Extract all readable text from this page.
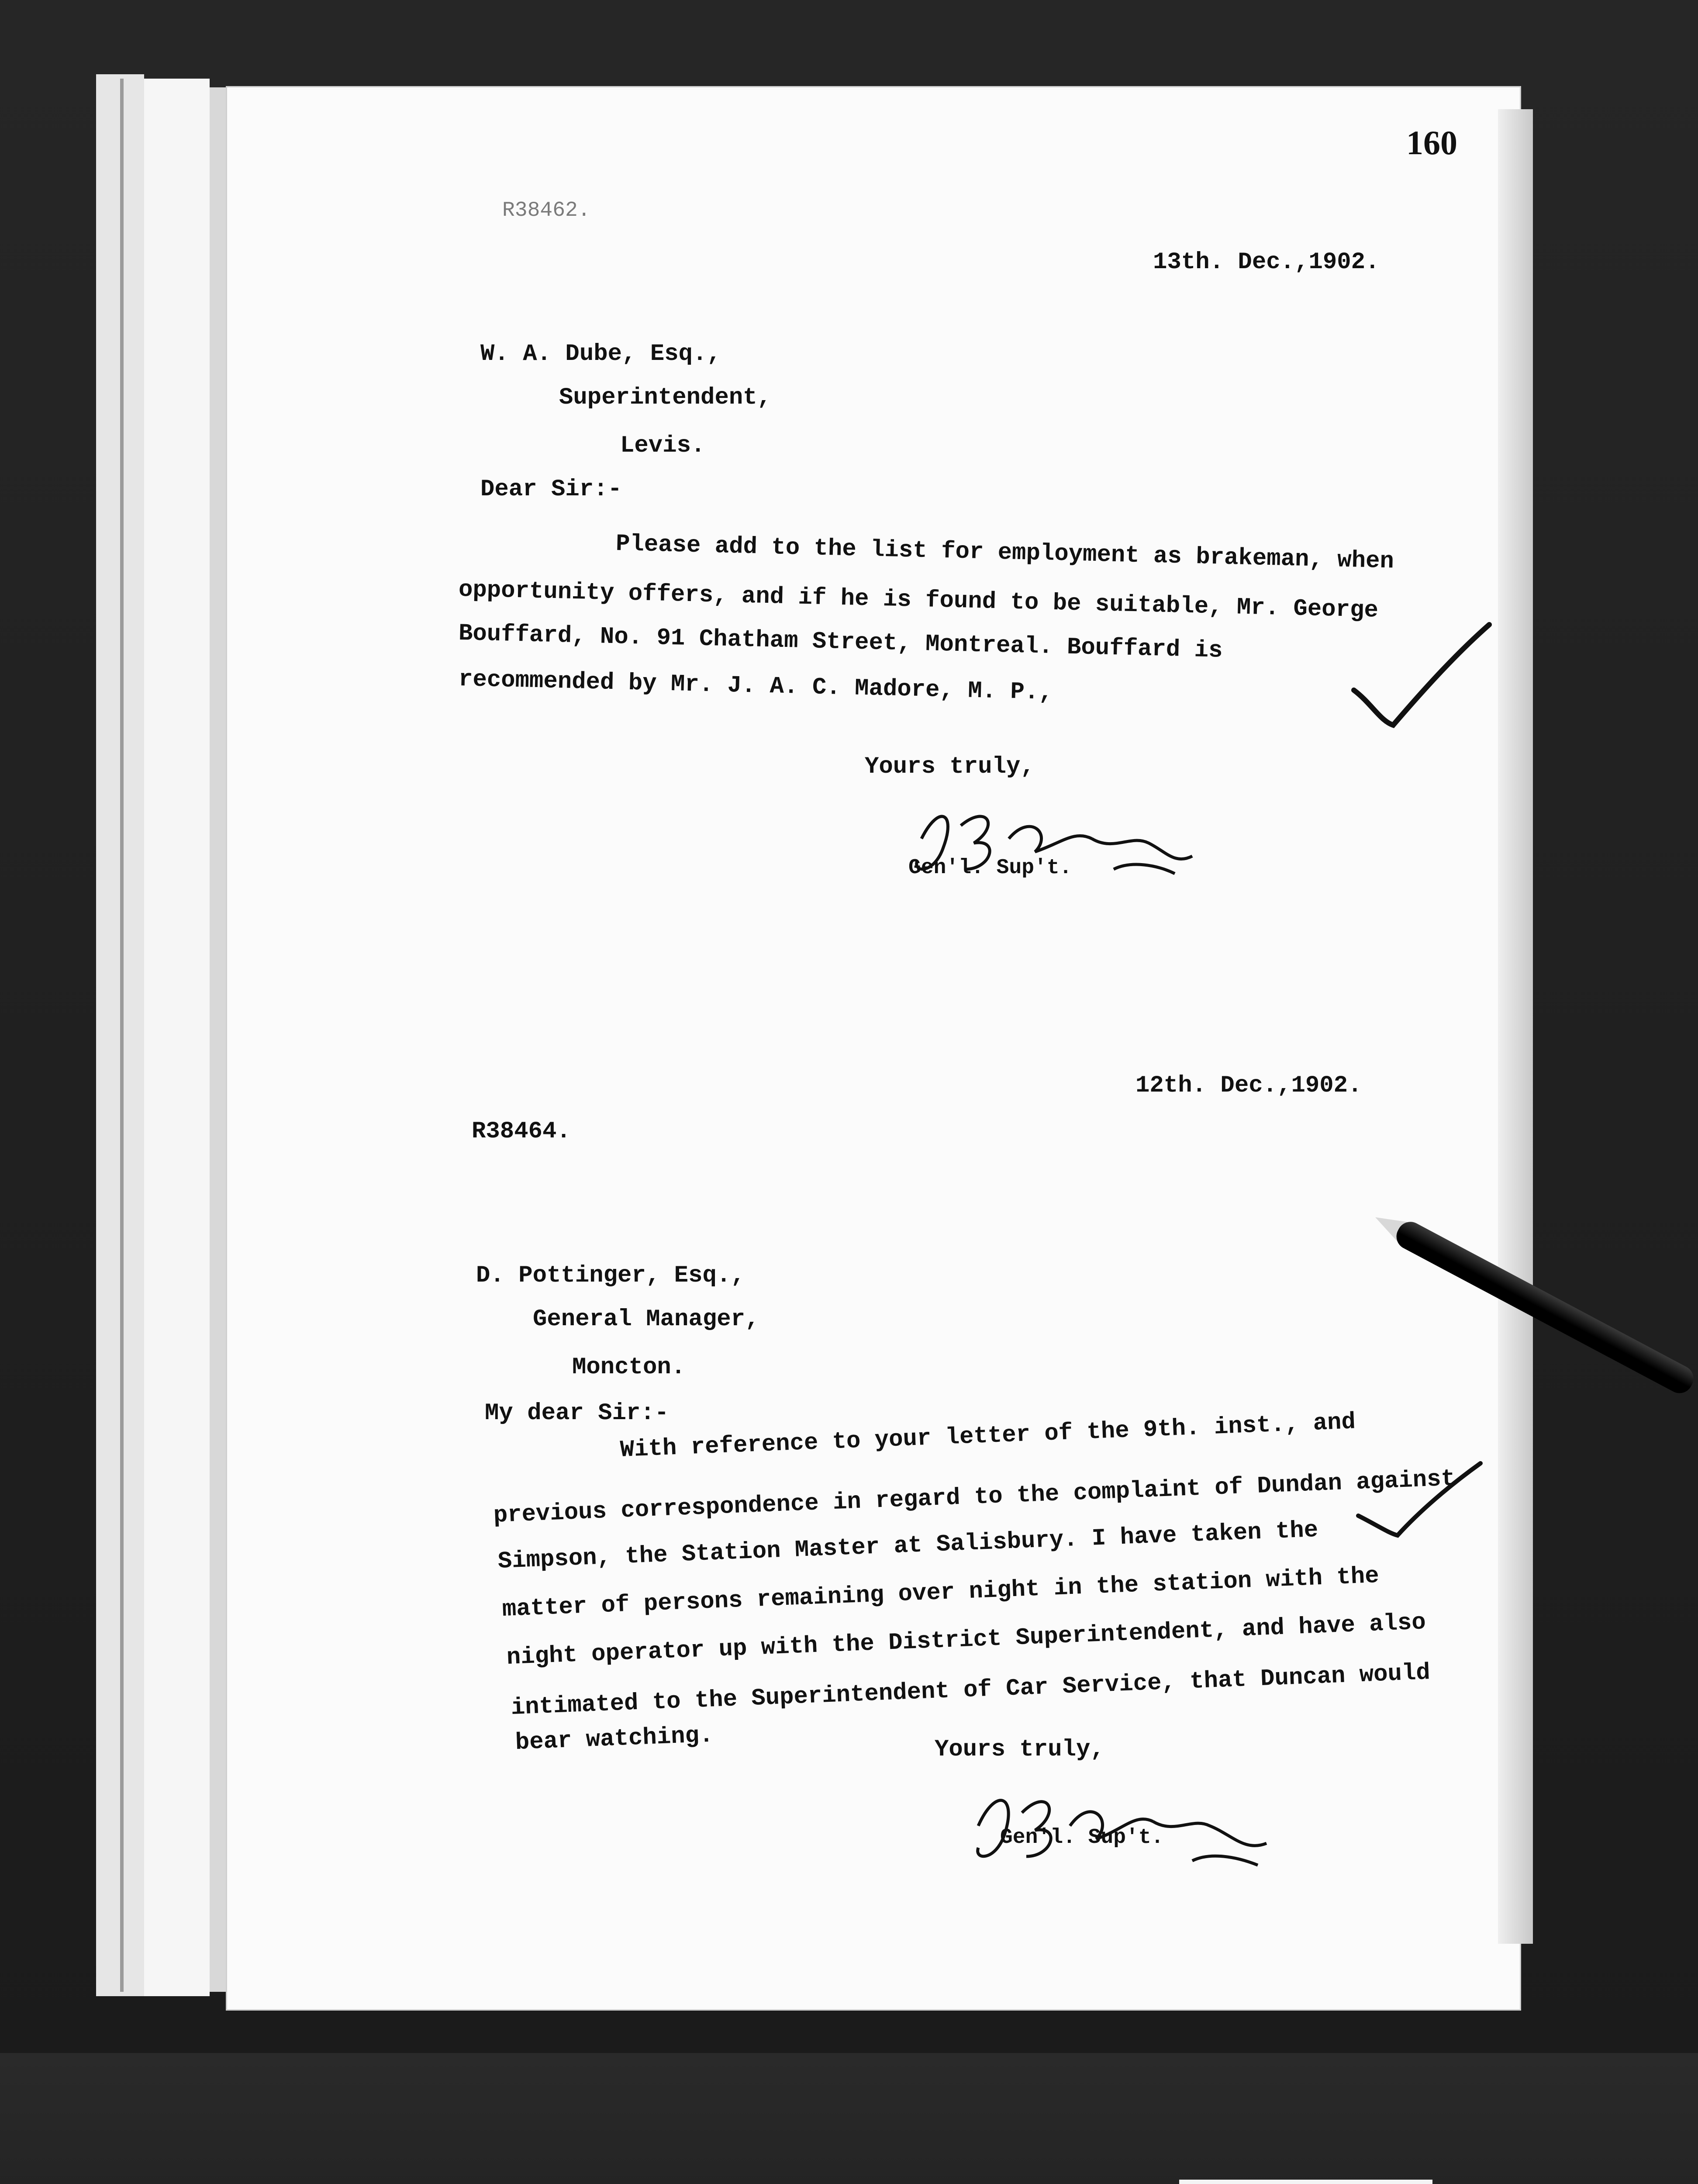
160
R38462.
13th. Dec.,1902.
W. A. Dube, Esq.,
Superintendent,
Levis.
Dear Sir:-
Please add to the list for employment as brakeman, when
opportunity offers, and if he is found to be suitable, Mr. George
Bouffard, No. 91 Chatham Street, Montreal. Bouffard is
recommended by Mr. J. A. C. Madore, M. P.,
Yours truly,
Gen'l. Sup't.
12th. Dec.,1902.
R38464.
D. Pottinger, Esq.,
General Manager,
Moncton.
My dear Sir:-
With reference to your letter of the 9th. inst., and
previous correspondence in regard to the complaint of Dundan against
Simpson, the Station Master at Salisbury. I have taken the
matter of persons remaining over night in the station with the
night operator up with the District Superintendent, and have also
intimated to the Superintendent of Car Service, that Duncan would
bear watching.	Yours truly,
Gen'l. Sup't.
